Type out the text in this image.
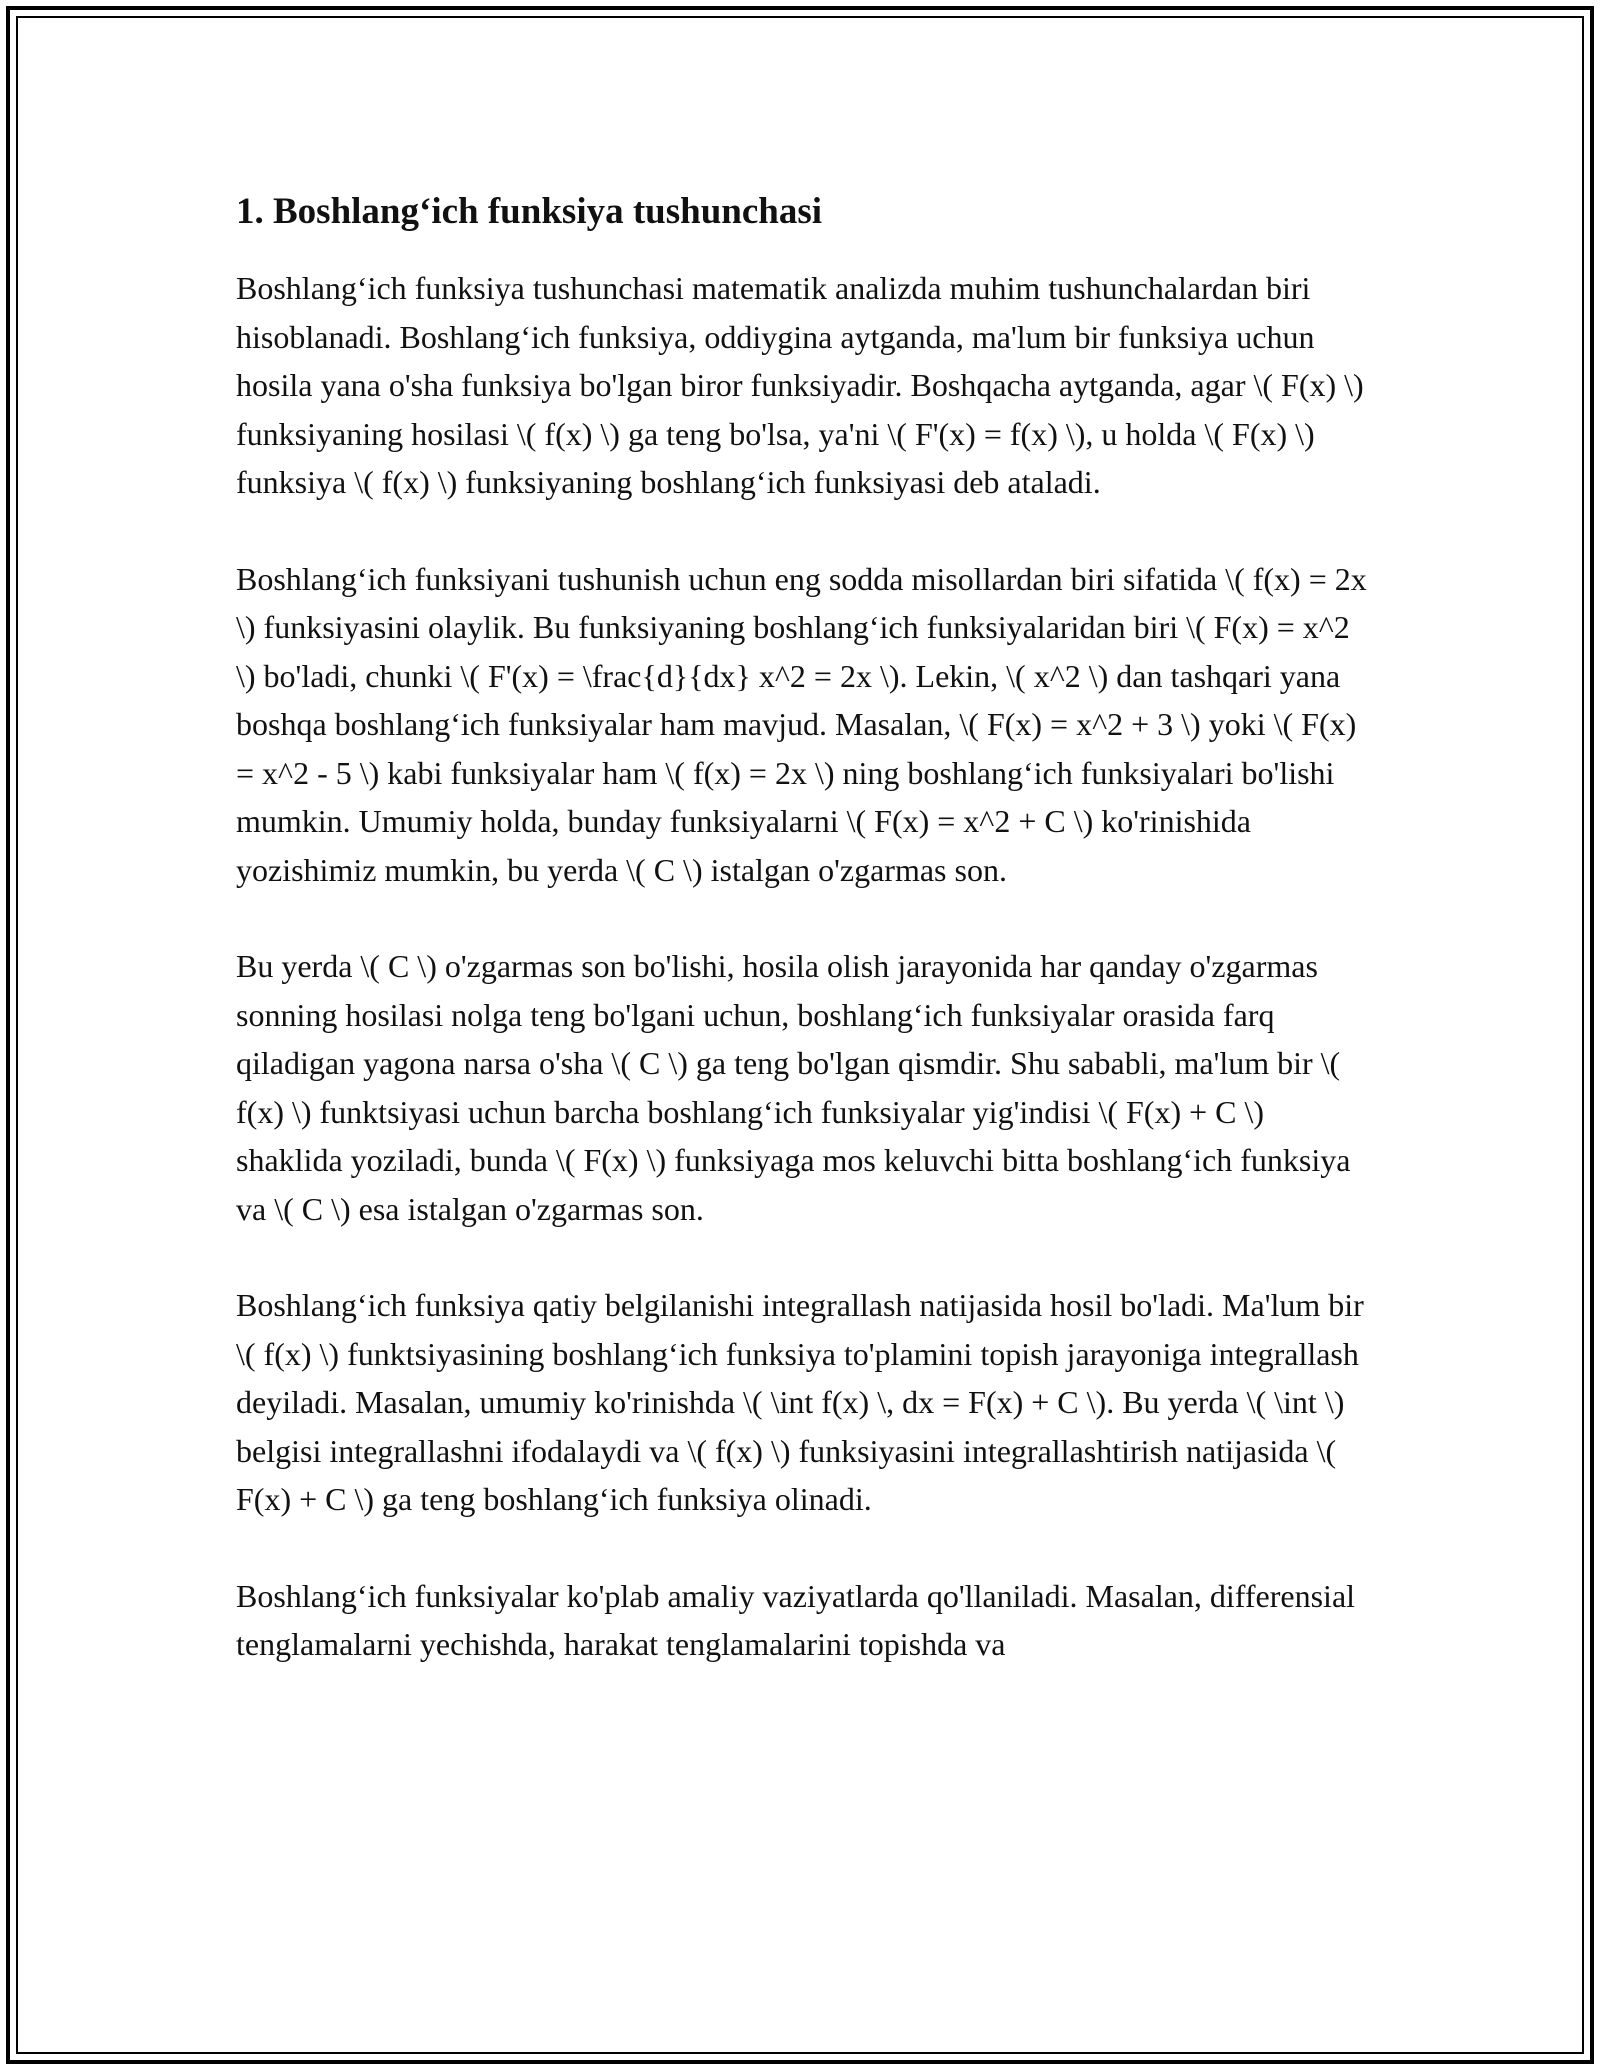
1. Boshlang‘ich funksiya tushunchasi

Boshlang‘ich funksiya tushunchasi matematik analizda muhim tushunchalardan biri hisoblanadi. Boshlang‘ich funksiya, oddiygina aytganda, ma'lum bir funksiya uchun hosila yana o'sha funksiya bo'lgan biror funksiyadir. Boshqacha aytganda, agar \( F(x) \) funksiyaning hosilasi \( f(x) \) ga teng bo'lsa, ya'ni \( F'(x) = f(x) \), u holda \( F(x) \) funksiya \( f(x) \) funksiyaning boshlang‘ich funksiyasi deb ataladi.

Boshlang‘ich funksiyani tushunish uchun eng sodda misollardan biri sifatida \( f(x) = 2x \) funksiyasini olaylik. Bu funksiyaning boshlang‘ich funksiyalaridan biri \( F(x) = x^2 \) bo'ladi, chunki \( F'(x) = \frac{d}{dx} x^2 = 2x \). Lekin, \( x^2 \) dan tashqari yana boshqa boshlang‘ich funksiyalar ham mavjud. Masalan, \( F(x) = x^2 + 3 \) yoki \( F(x) = x^2 - 5 \) kabi funksiyalar ham \( f(x) = 2x \) ning boshlang‘ich funksiyalari bo'lishi mumkin. Umumiy holda, bunday funksiyalarni \( F(x) = x^2 + C \) ko'rinishida yozishimiz mumkin, bu yerda \( C \) istalgan o'zgarmas son.

Bu yerda \( C \) o'zgarmas son bo'lishi, hosila olish jarayonida har qanday o'zgarmas sonning hosilasi nolga teng bo'lgani uchun, boshlang‘ich funksiyalar orasida farq qiladigan yagona narsa o'sha \( C \) ga teng bo'lgan qismdir. Shu sababli, ma'lum bir \( f(x) \) funktsiyasi uchun barcha boshlang‘ich funksiyalar yig'indisi \( F(x) + C \) shaklida yoziladi, bunda \( F(x) \) funksiyaga mos keluvchi bitta boshlang‘ich funksiya va \( C \) esa istalgan o'zgarmas son.

Boshlang‘ich funksiya qatiy belgilanishi integrallash natijasida hosil bo'ladi. Ma'lum bir \( f(x) \) funktsiyasining boshlang‘ich funksiya to'plamini topish jarayoniga integrallash deyiladi. Masalan, umumiy ko'rinishda \( \int f(x) \, dx = F(x) + C \). Bu yerda \( \int \) belgisi integrallashni ifodalaydi va \( f(x) \) funksiyasini integrallashtirish natijasida \( F(x) + C \) ga teng boshlang‘ich funksiya olinadi.

Boshlang‘ich funksiyalar ko'plab amaliy vaziyatlarda qo'llaniladi. Masalan, differensial tenglamalarni yechishda, harakat tenglamalarini topishda va
